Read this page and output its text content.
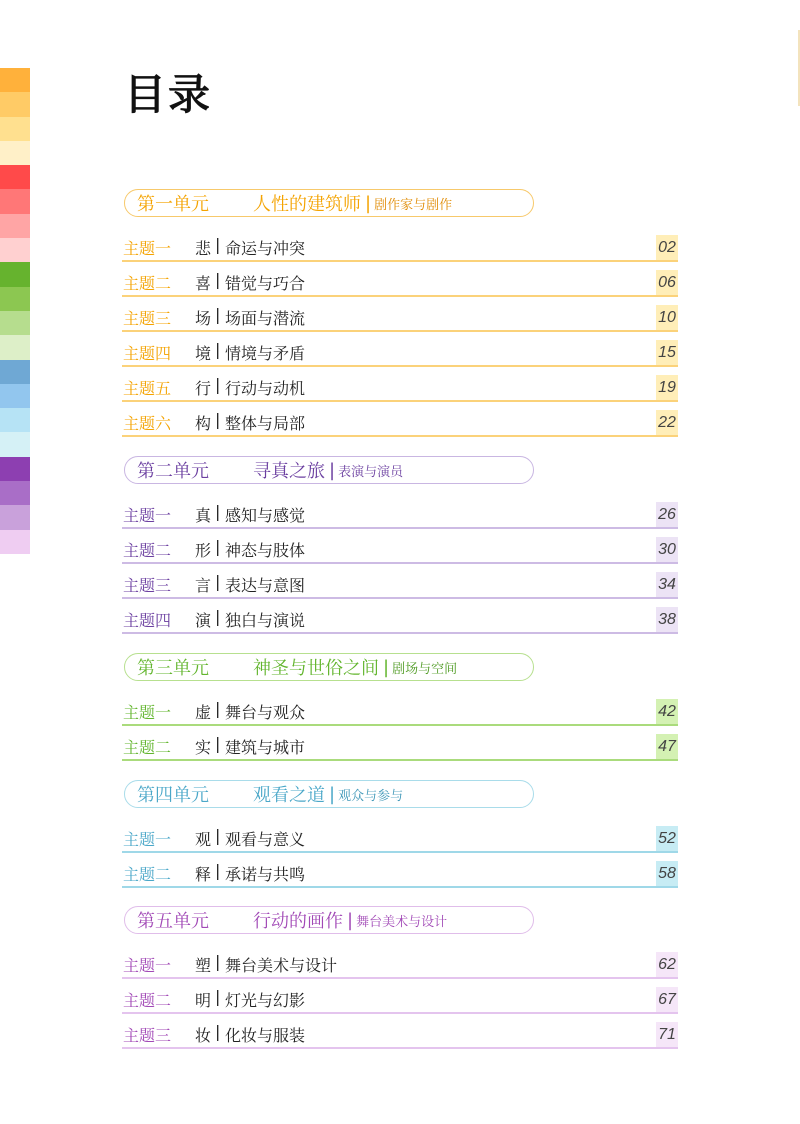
目录
第一单元	人性的建筑师 | 剧作家与剧作
主题一 悲 | 命运与冲突	02
主题二 喜 | 错觉与巧合	06
主题三 场 | 场面与潜流	10
主题四 境 | 情境与矛盾	15
主题五 行 | 行动与动机	19
主题六 构 | 整体与局部	22
第二单元	寻真之旅 | 表演与演员
主题一 真 | 感知与感觉	26
主题二 形 | 神态与肢体	30
主题三 言 | 表达与意图	34
主题四 演 | 独白与演说	38
第三单元	神圣与世俗之间 | 剧场与空间
主题一 虚 | 舞台与观众	42
主题二 实 | 建筑与城市	47
第四单元	观看之道 | 观众与参与
主题一 观 | 观看与意义	52
主题二 释 | 承诺与共鸣	58
第五单元	行动的画作 | 舞台美术与设计
主题一 塑 | 舞台美术与设计	62
主题二 明 | 灯光与幻影	67
主题三 妆 | 化妆与服装	71
